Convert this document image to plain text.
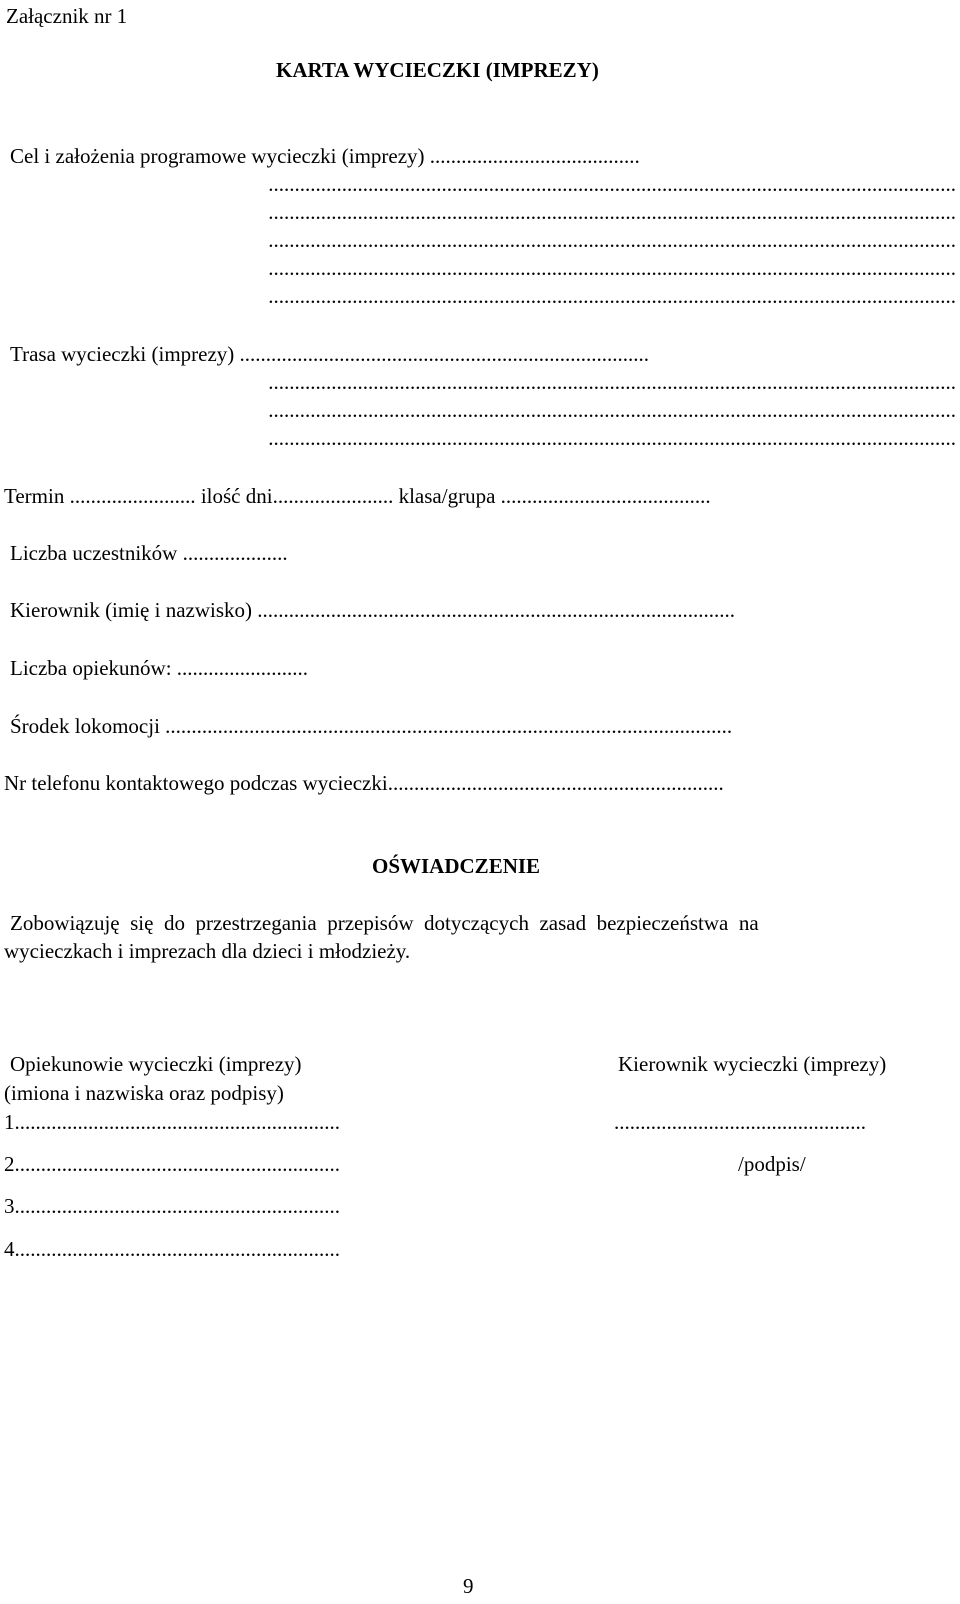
Załącznik nr 1
KARTA WYCIECZKI (IMPREZY)
Cel i założenia programowe wycieczki (imprezy) ........................................
...................................................................................................................................
...................................................................................................................................
...................................................................................................................................
...................................................................................................................................
...................................................................................................................................
Trasa wycieczki (imprezy) ..............................................................................
...................................................................................................................................
...................................................................................................................................
...................................................................................................................................
Termin ........................ ilość dni....................... klasa/grupa ........................................
Liczba uczestników ....................
Kierownik (imię i nazwisko) ...........................................................................................
Liczba opiekunów: .........................
Środek lokomocji ............................................................................................................
Nr telefonu kontaktowego podczas wycieczki................................................................
OŚWIADCZENIE
Zobowiązuję  się  do  przestrzegania  przepisów  dotyczących  zasad  bezpieczeństwa  na
wycieczkach i imprezach dla dzieci i młodzieży.
Opiekunowie wycieczki (imprezy)	Kierownik wycieczki (imprezy)
(imiona i nazwiska oraz podpisy)
1..............................................................	................................................
2..............................................................	/podpis/
3..............................................................
4..............................................................
9
